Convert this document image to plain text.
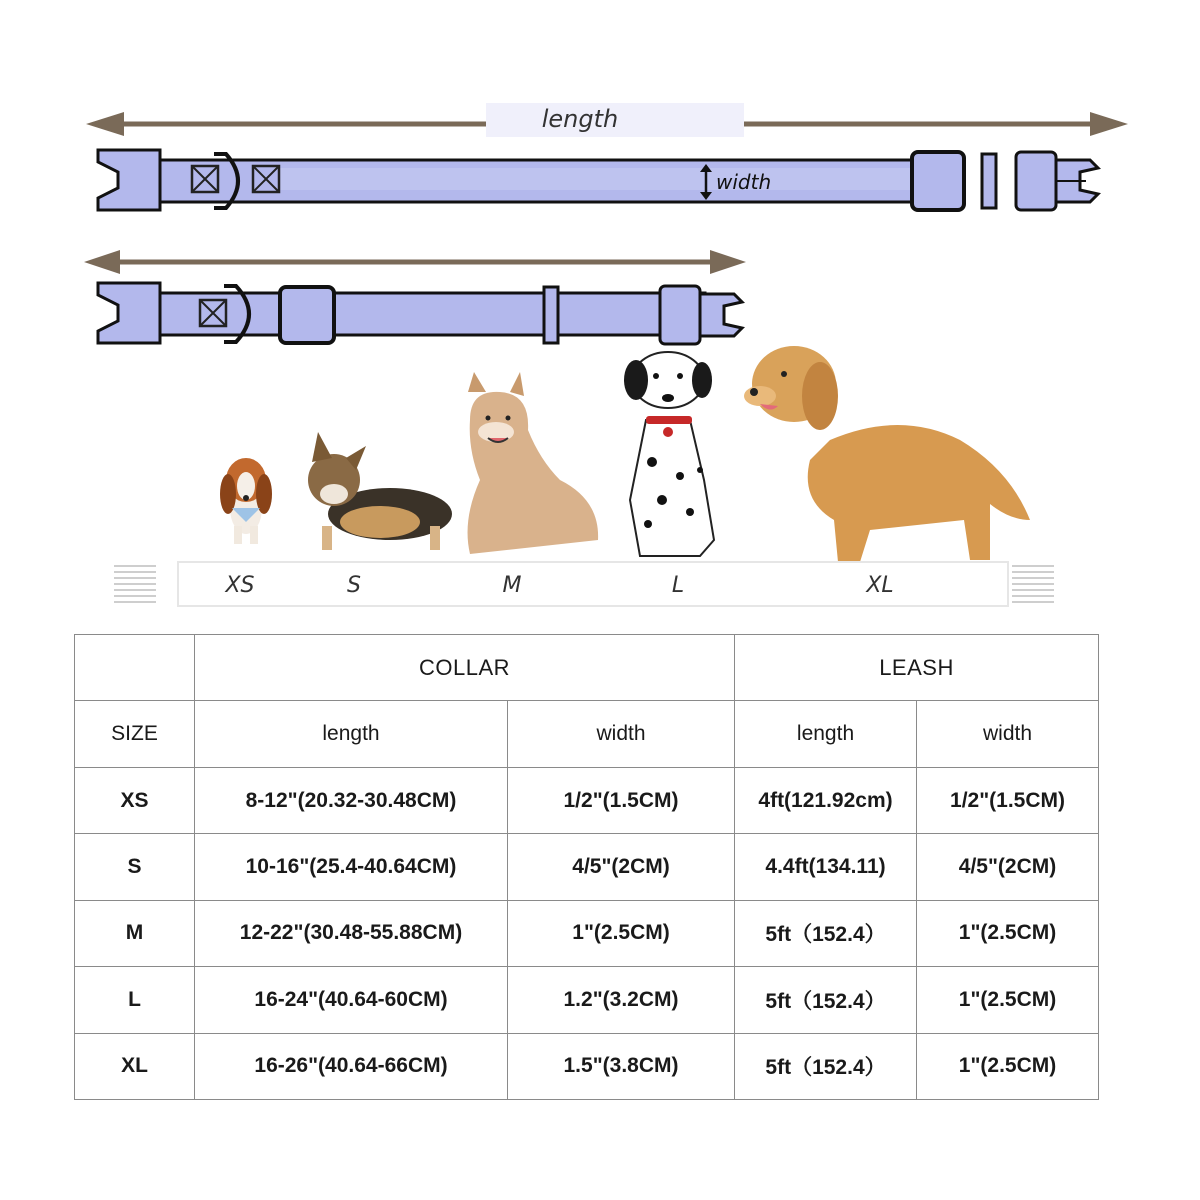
length
width
XS	S	M	L	XL
	COLLAR		LEASH	
SIZE	length	width	length	width
XS	8-12"(20.32-30.48CM)	1/2"(1.5CM)	4ft(121.92cm)	1/2"(1.5CM)
S	10-16"(25.4-40.64CM)	4/5"(2CM)	4.4ft(134.11)	4/5"(2CM)
M	12-22"(30.48-55.88CM)	1"(2.5CM)	5ft（152.4）	1"(2.5CM)
L	16-24"(40.64-60CM)	1.2"(3.2CM)	5ft（152.4）	1"(2.5CM)
XL	16-26"(40.64-66CM)	1.5"(3.8CM)	5ft（152.4）	1"(2.5CM)
